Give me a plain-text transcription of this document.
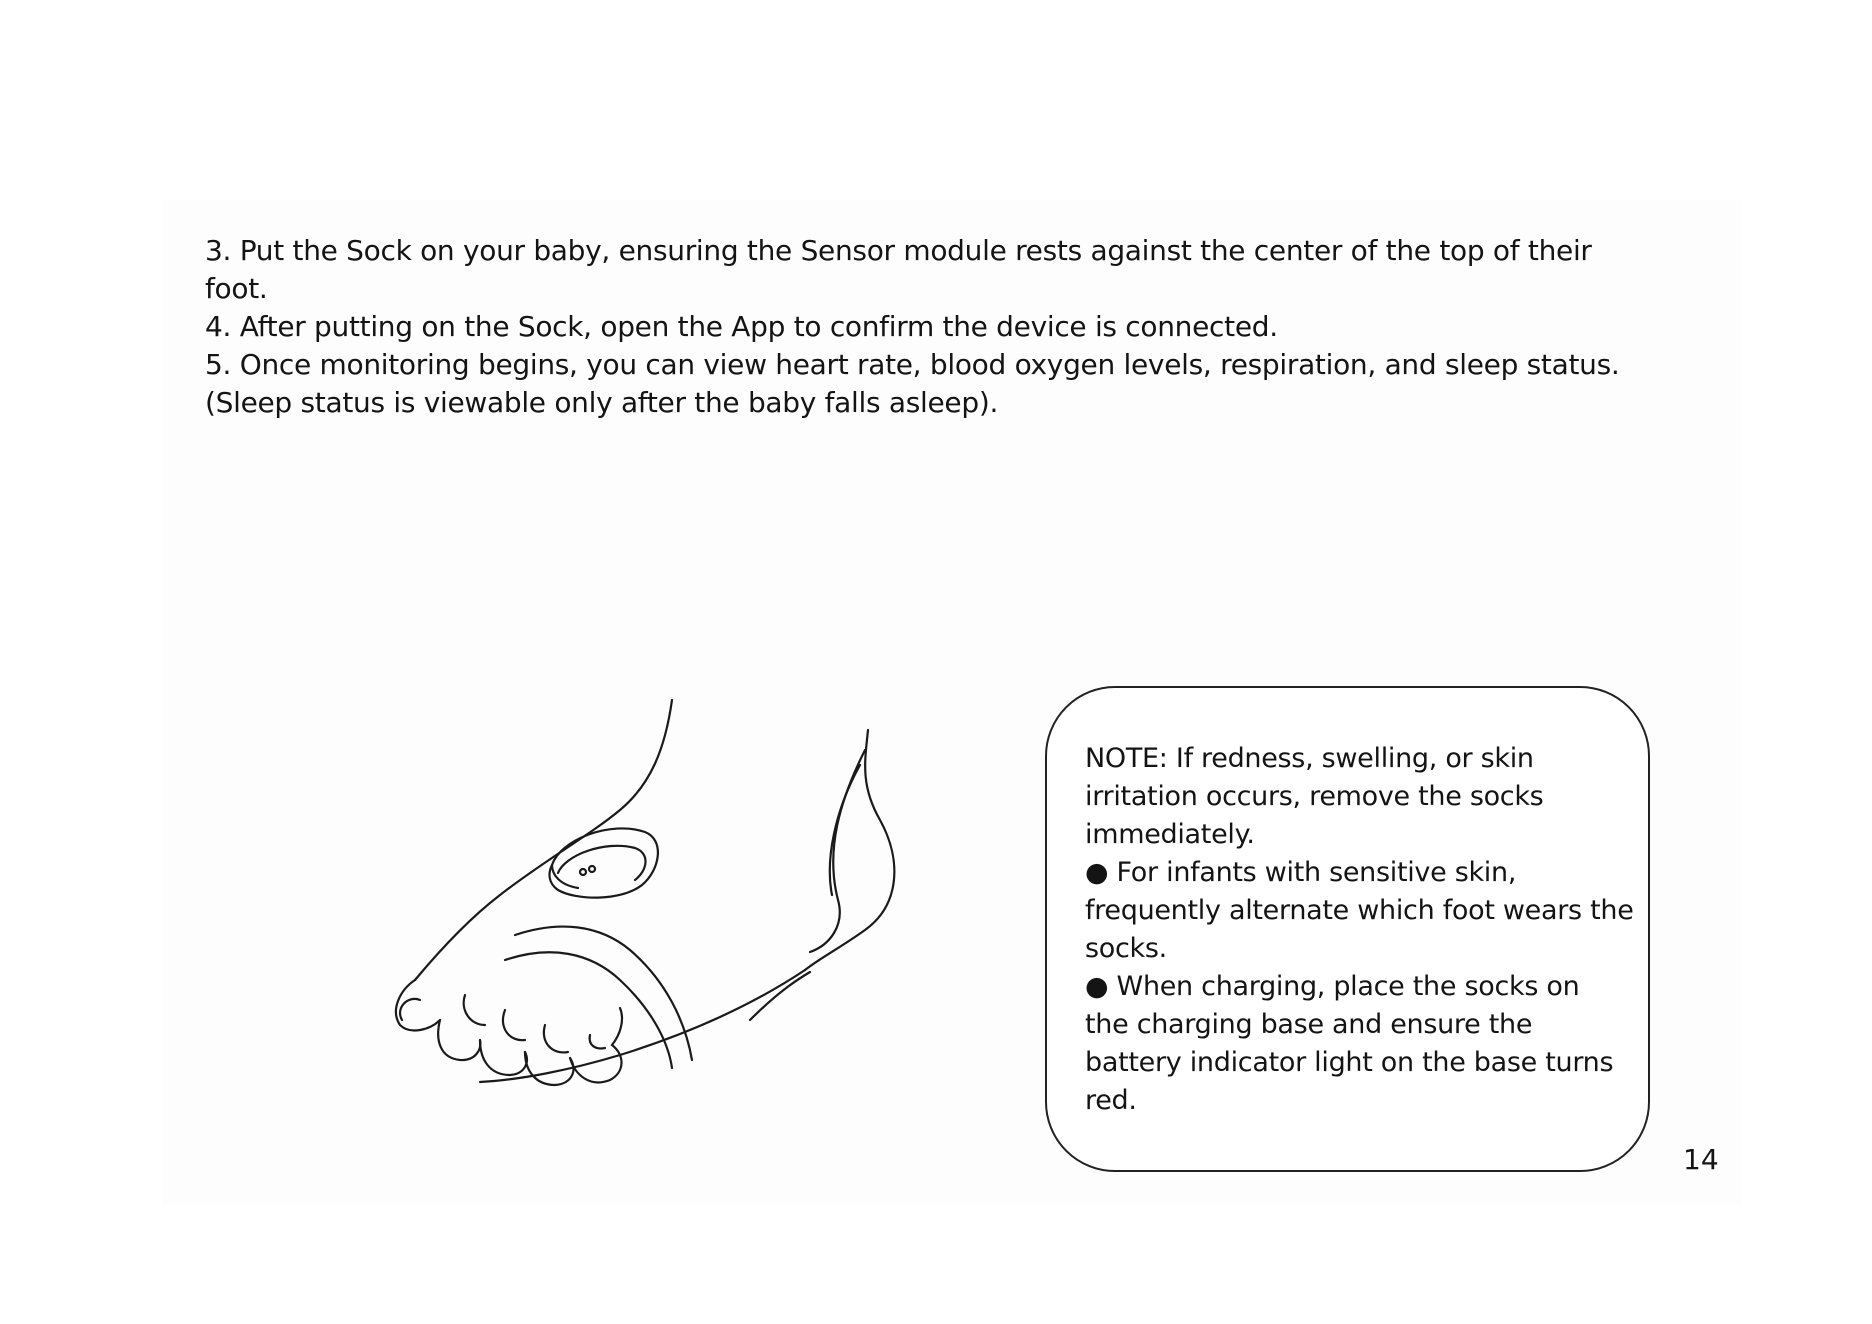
3. Put the Sock on your baby, ensuring the Sensor module rests against the center of the top of their foot.

4. After putting on the Sock, open the App to confirm the device is connected.

5. Once monitoring begins, you can view heart rate, blood oxygen levels, respiration, and sleep status. (Sleep status is viewable only after the baby falls asleep).

NOTE: If redness, swelling, or skin irritation occurs, remove the socks immediately.

● For infants with sensitive skin, frequently alternate which foot wears the socks.

● When charging, place the socks on the charging base and ensure the battery indicator light on the base turns red.

14
